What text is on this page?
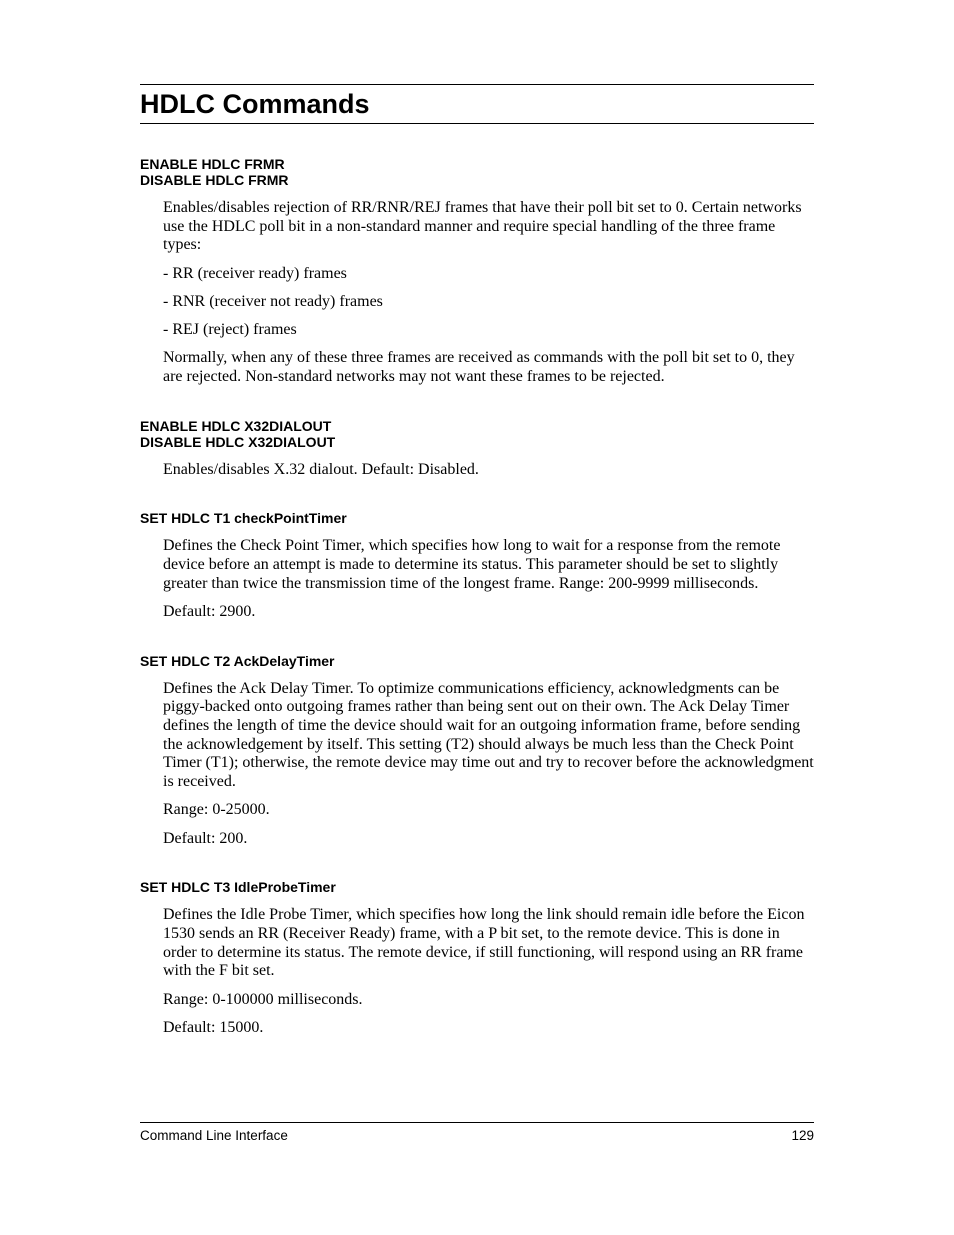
HDLC Commands

ENABLE HDLC FRMR

DISABLE HDLC FRMR

Enables/disables rejection of RR/RNR/REJ frames that have their poll bit set to 0. Certain networks use the HDLC poll bit in a non-standard manner and require special handling of the three frame types:

- RR (receiver ready) frames

- RNR (receiver not ready) frames

- REJ (reject) frames

Normally, when any of these three frames are received as commands with the poll bit set to 0, they are rejected. Non-standard networks may not want these frames to be rejected.

ENABLE HDLC X32DIALOUT

DISABLE HDLC X32DIALOUT

Enables/disables X.32 dialout. Default: Disabled.

SET HDLC T1 checkPointTimer

Defines the Check Point Timer, which specifies how long to wait for a response from the remote device before an attempt is made to determine its status. This parameter should be set to slightly greater than twice the transmission time of the longest frame. Range: 200-9999 milliseconds.

Default: 2900.

SET HDLC T2 AckDelayTimer

Defines the Ack Delay Timer. To optimize communications efficiency, acknowledgments can be piggy-backed onto outgoing frames rather than being sent out on their own. The Ack Delay Timer defines the length of time the device should wait for an outgoing information frame, before sending the acknowledgement by itself. This setting (T2) should always be much less than the Check Point Timer (T1); otherwise, the remote device may time out and try to recover before the acknowledgment is received.

Range: 0-25000.

Default: 200.

SET HDLC T3 IdleProbeTimer

Defines the Idle Probe Timer, which specifies how long the link should remain idle before the Eicon 1530 sends an RR (Receiver Ready) frame, with a P bit set, to the remote device. This is done in order to determine its status. The remote device, if still functioning, will respond using an RR frame with the F bit set.

Range: 0-100000 milliseconds.

Default: 15000.

Command Line Interface	129
